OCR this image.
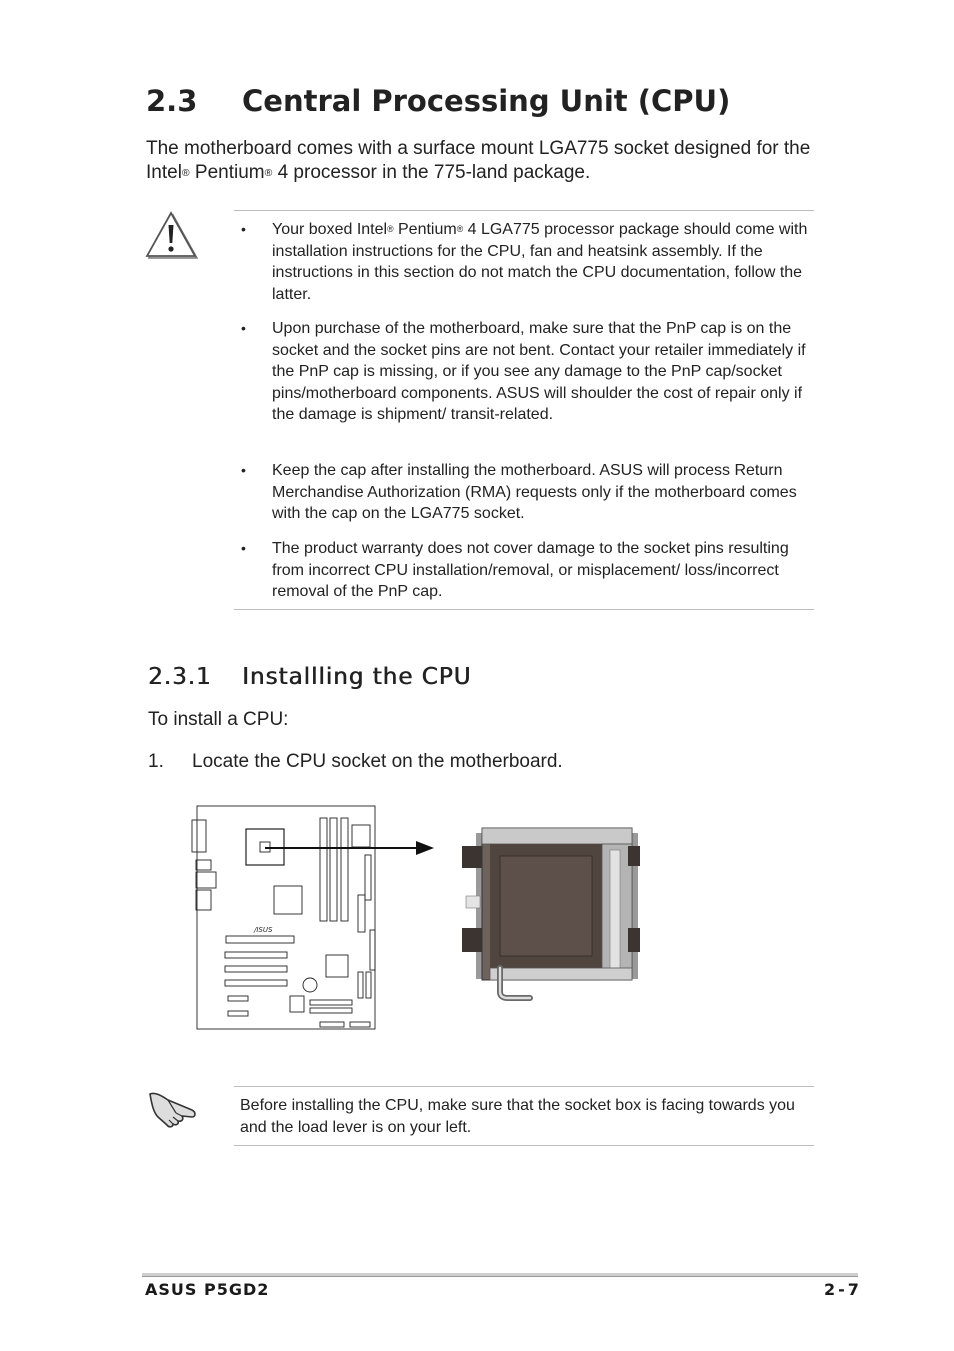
2.3 Central Processing Unit (CPU)

The motherboard comes with a surface mount LGA775 socket designed for the Intel® Pentium® 4 processor in the 775-land package.

• Your boxed Intel® Pentium® 4 LGA775 processor package should come with installation instructions for the CPU, fan and heatsink assembly. If the instructions in this section do not match the CPU documentation, follow the latter.
• Upon purchase of the motherboard, make sure that the PnP cap is on the socket and the socket pins are not bent. Contact your retailer immediately if the PnP cap is missing, or if you see any damage to the PnP cap/socket pins/motherboard components. ASUS will shoulder the cost of repair only if the damage is shipment/ transit-related.
• Keep the cap after installing the motherboard. ASUS will process Return Merchandise Authorization (RMA) requests only if the motherboard comes with the cap on the LGA775 socket.
• The product warranty does not cover damage to the socket pins resulting from incorrect CPU installation/removal, or misplacement/ loss/incorrect removal of the PnP cap.
2.3.1 Installling the CPU

To install a CPU:

1. Locate the CPU socket on the motherboard.

/ISUS

Before installing the CPU, make sure that the socket box is facing towards you and the load lever is on your left.

ASUS P5GD2	2-7
